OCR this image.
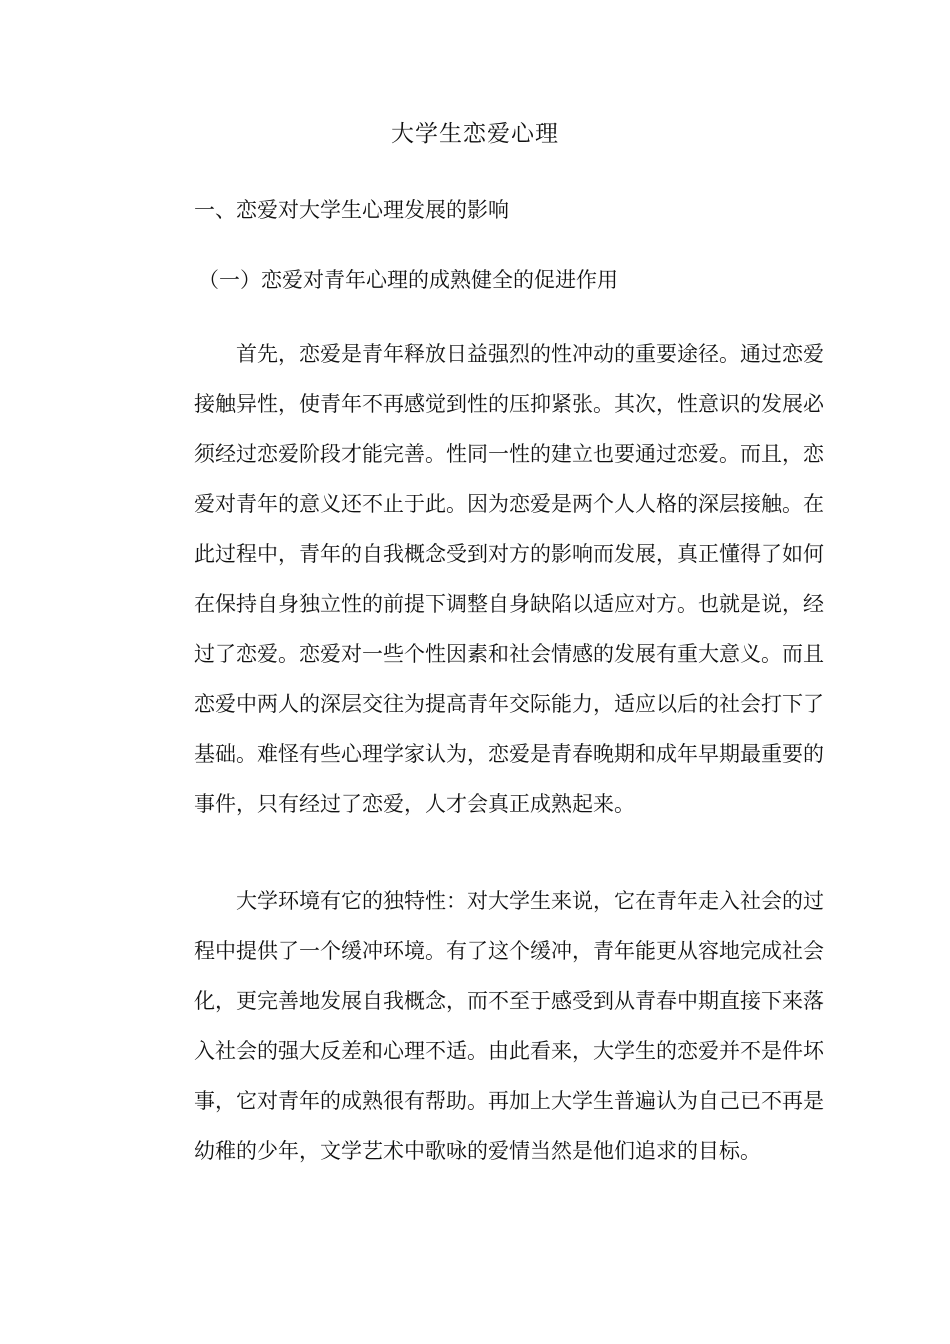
大学生恋爱心理
一、恋爱对大学生心理发展的影响
（一）恋爱对青年心理的成熟健全的促进作用

首先，恋爱是青年释放日益强烈的性冲动的重要途径。通过恋爱接触异性，使青年不再感觉到性的压抑紧张。其次，性意识的发展必须经过恋爱阶段才能完善。性同一性的建立也要通过恋爱。而且，恋爱对青年的意义还不止于此。因为恋爱是两个人人格的深层接触。在此过程中，青年的自我概念受到对方的影响而发展，真正懂得了如何在保持自身独立性的前提下调整自身缺陷以适应对方。也就是说，经过了恋爱。恋爱对一些个性因素和社会情感的发展有重大意义。而且恋爱中两人的深层交往为提高青年交际能力，适应以后的社会打下了基础。难怪有些心理学家认为，恋爱是青春晚期和成年早期最重要的事件，只有经过了恋爱，人才会真正成熟起来。

大学环境有它的独特性：对大学生来说，它在青年走入社会的过程中提供了一个缓冲环境。有了这个缓冲，青年能更从容地完成社会化，更完善地发展自我概念，而不至于感受到从青春中期直接下来落入社会的强大反差和心理不适。由此看来，大学生的恋爱并不是件坏事，它对青年的成熟很有帮助。再加上大学生普遍认为自己已不再是幼稚的少年，文学艺术中歌咏的爱情当然是他们追求的目标。
